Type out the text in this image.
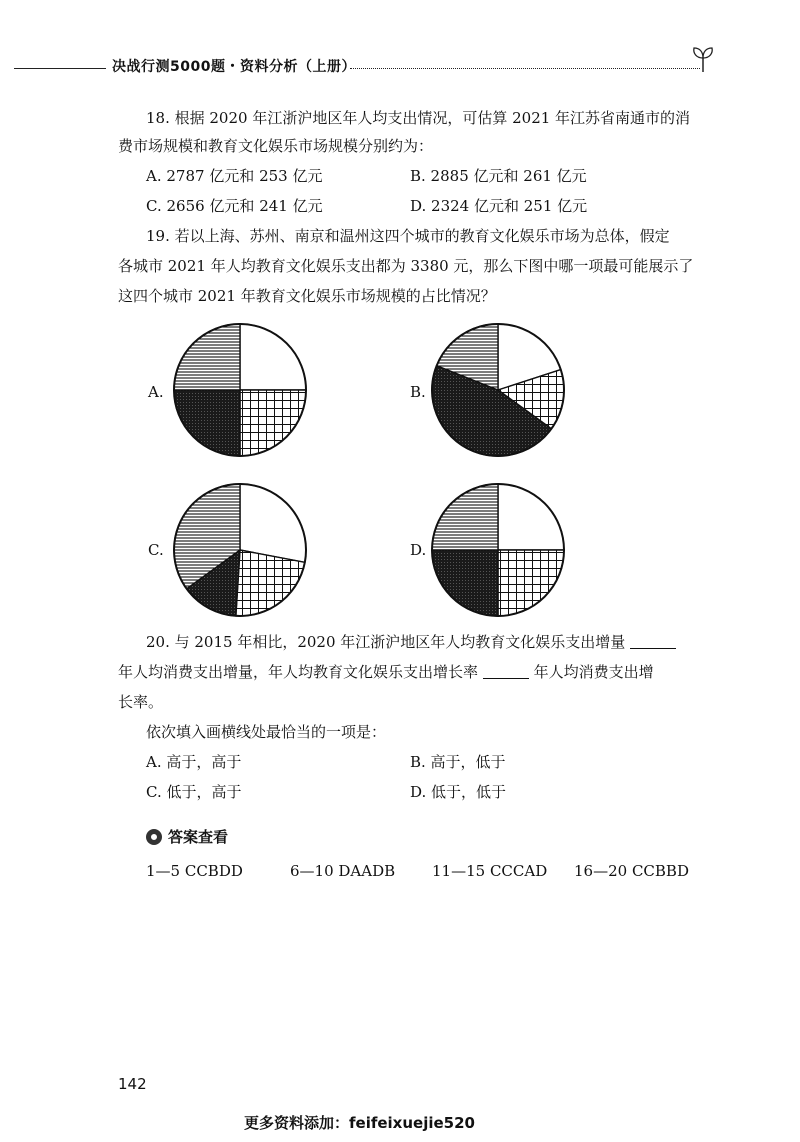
决战行测5000题・资料分析（上册）
18. 根据 2020 年江浙沪地区年人均支出情况，可估算 2021 年江苏省南通市的消
费市场规模和教育文化娱乐市场规模分别约为：
A. 2787 亿元和 253 亿元	B. 2885 亿元和 261 亿元
C. 2656 亿元和 241 亿元	D. 2324 亿元和 251 亿元
19. 若以上海、苏州、南京和温州这四个城市的教育文化娱乐市场为总体，假定
各城市 2021 年人均教育文化娱乐支出都为 3380 元，那么下图中哪一项最可能展示了
这四个城市 2021 年教育文化娱乐市场规模的占比情况？
A.	B.
C.	D.
20. 与 2015 年相比，2020 年江浙沪地区年人均教育文化娱乐支出增量
年人均消费支出增量，年人均教育文化娱乐支出增长率	年人均消费支出增
长率。
依次填入画横线处最恰当的一项是：
A. 高于，高于	B. 高于，低于
C. 低于，高于	D. 低于，低于
答案查看
1—5 CCBDD	6—10 DAADB 11—15 CCCAD 16—20 CCBBD
142
更多资料添加：feifeixuejie520
